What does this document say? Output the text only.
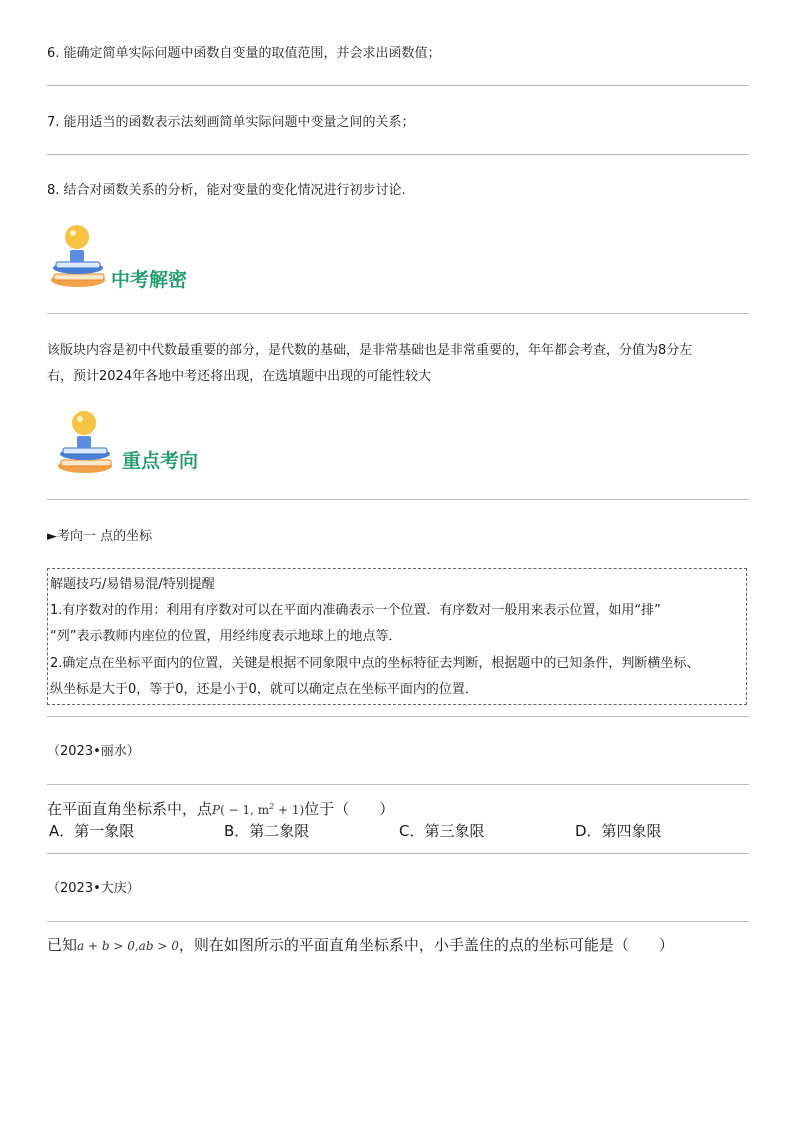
6. 能确定简单实际问题中函数自变量的取值范围，并会求出函数值；
7. 能用适当的函数表示法刻画简单实际问题中变量之间的关系；
8. 结合对函数关系的分析，能对变量的变化情况进行初步讨论.
中考解密
该版块内容是初中代数最重要的部分，是代数的基础，是非常基础也是非常重要的，年年都会考查，分值为8分左
右，预计2024年各地中考还将出现，在选填题中出现的可能性较大
重点考向
►考向一 点的坐标
解题技巧/易错易混/特别提醒
1.有序数对的作用：利用有序数对可以在平面内准确表示一个位置．有序数对一般用来表示位置，如用“排”
“列”表示教师内座位的位置，用经纬度表示地球上的地点等．
2.确定点在坐标平面内的位置，关键是根据不同象限中点的坐标特征去判断，根据题中的已知条件，判断横坐标、
纵坐标是大于0，等于0，还是小于0，就可以确定点在坐标平面内的位置．
（2023•丽水）
在平面直角坐标系中，点P( − 1, $m^2 + 1$)位于（　　）
A．第一象限	B．第二象限	C．第三象限	D．第四象限
（2023•大庆）
已知a + b > 0,ab > 0，则在如图所示的平面直角坐标系中，小手盖住的点的坐标可能是（　　）
